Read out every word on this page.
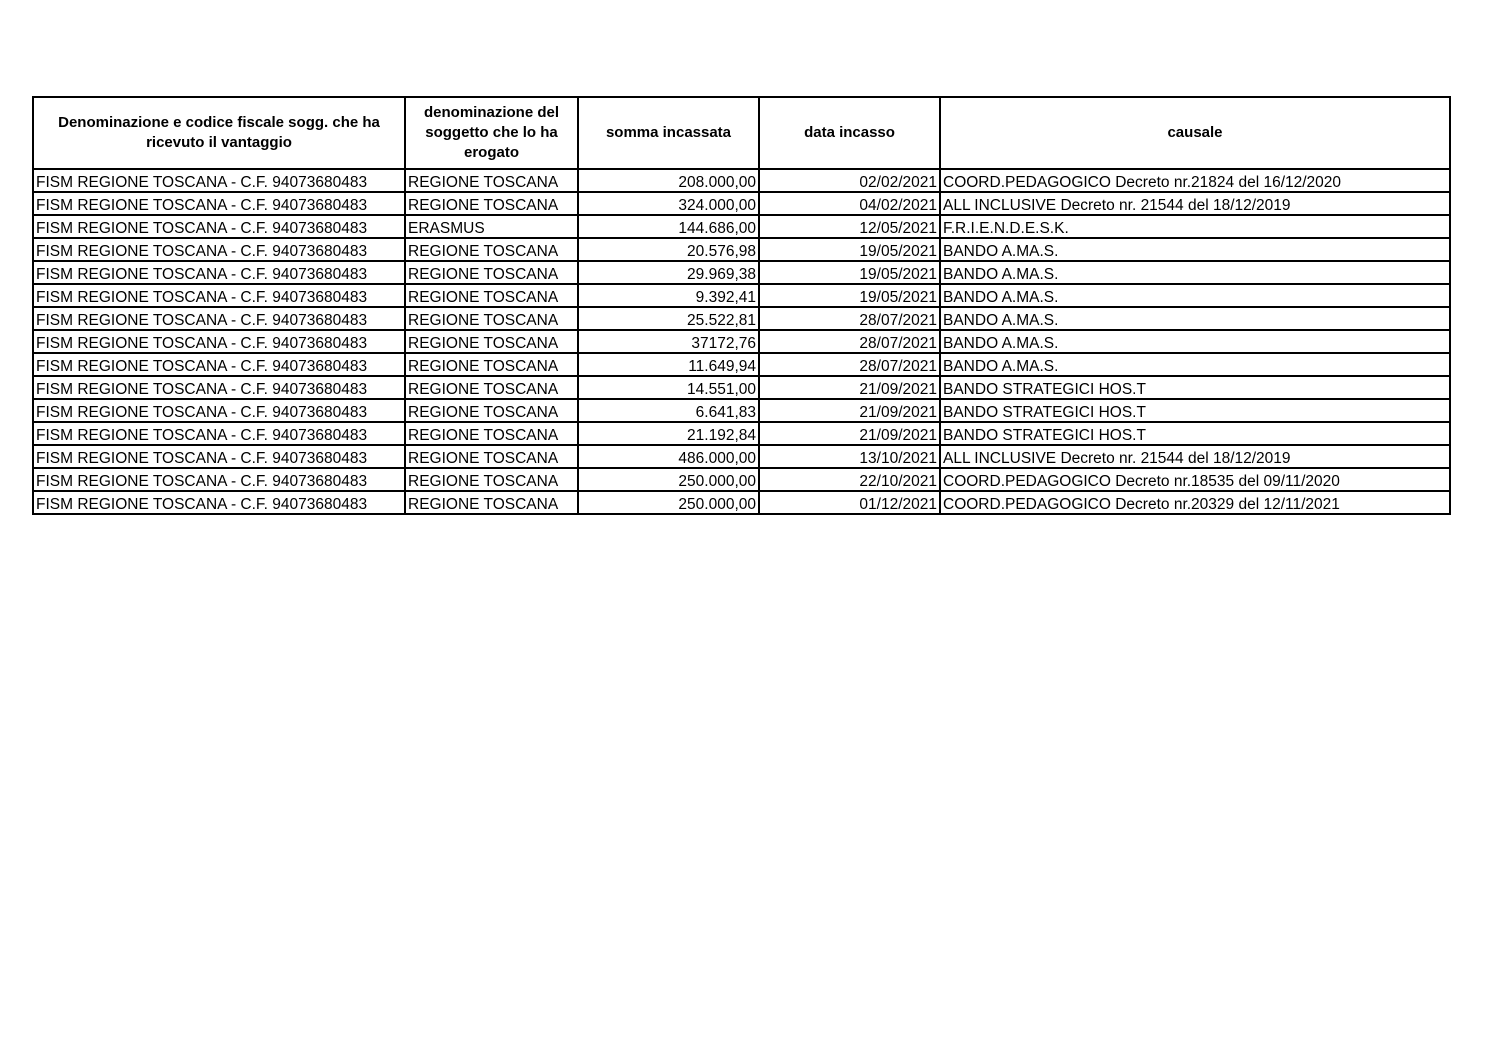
Denominazione e codice fiscale sogg. che ha ricevuto il vantaggio	denominazione del soggetto che lo ha erogato	somma incassata	data incasso	causale
FISM REGIONE TOSCANA - C.F. 94073680483	REGIONE TOSCANA	208.000,00	02/02/2021	COORD.PEDAGOGICO Decreto nr.21824 del 16/12/2020
FISM REGIONE TOSCANA - C.F. 94073680483	REGIONE TOSCANA	324.000,00	04/02/2021	ALL INCLUSIVE Decreto nr. 21544 del 18/12/2019
FISM REGIONE TOSCANA - C.F. 94073680483	ERASMUS	144.686,00	12/05/2021	F.R.I.E.N.D.E.S.K.
FISM REGIONE TOSCANA - C.F. 94073680483	REGIONE TOSCANA	20.576,98	19/05/2021	BANDO A.MA.S.
FISM REGIONE TOSCANA - C.F. 94073680483	REGIONE TOSCANA	29.969,38	19/05/2021	BANDO A.MA.S.
FISM REGIONE TOSCANA - C.F. 94073680483	REGIONE TOSCANA	9.392,41	19/05/2021	BANDO A.MA.S.
FISM REGIONE TOSCANA - C.F. 94073680483	REGIONE TOSCANA	25.522,81	28/07/2021	BANDO A.MA.S.
FISM REGIONE TOSCANA - C.F. 94073680483	REGIONE TOSCANA	37172,76	28/07/2021	BANDO A.MA.S.
FISM REGIONE TOSCANA - C.F. 94073680483	REGIONE TOSCANA	11.649,94	28/07/2021	BANDO A.MA.S.
FISM REGIONE TOSCANA - C.F. 94073680483	REGIONE TOSCANA	14.551,00	21/09/2021	BANDO STRATEGICI HOS.T
FISM REGIONE TOSCANA - C.F. 94073680483	REGIONE TOSCANA	6.641,83	21/09/2021	BANDO STRATEGICI HOS.T
FISM REGIONE TOSCANA - C.F. 94073680483	REGIONE TOSCANA	21.192,84	21/09/2021	BANDO STRATEGICI HOS.T
FISM REGIONE TOSCANA - C.F. 94073680483	REGIONE TOSCANA	486.000,00	13/10/2021	ALL INCLUSIVE Decreto nr. 21544 del 18/12/2019
FISM REGIONE TOSCANA - C.F. 94073680483	REGIONE TOSCANA	250.000,00	22/10/2021	COORD.PEDAGOGICO Decreto nr.18535 del 09/11/2020
FISM REGIONE TOSCANA - C.F. 94073680483	REGIONE TOSCANA	250.000,00	01/12/2021	COORD.PEDAGOGICO Decreto nr.20329 del 12/11/2021
